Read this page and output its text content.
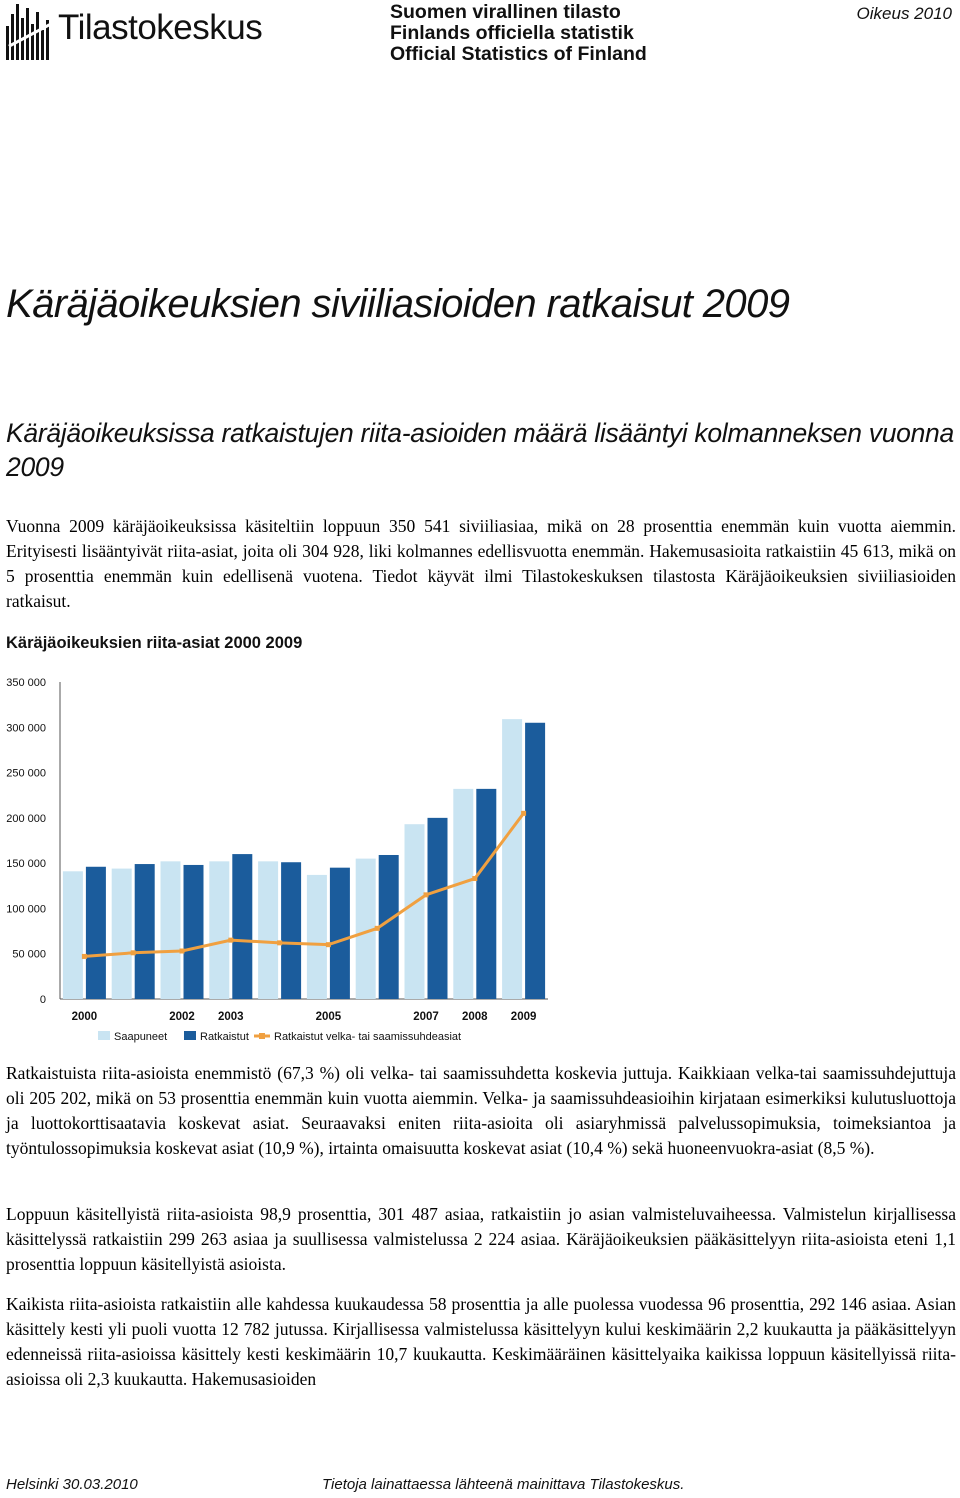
Tilastokeskus	Suomen virallinen tilasto
Finlands officiella statistik
Official Statistics of Finland
Oikeus 2010
Käräjäoikeuksien siviiliasioiden ratkaisut 2009
Käräjäoikeuksissa ratkaistujen riita-asioiden määrä lisääntyi kolmanneksen vuonna 2009

Vuonna 2009 käräjäoikeuksissa käsiteltiin loppuun 350 541 siviiliasiaa, mikä on 28 prosenttia enemmän kuin vuotta aiemmin. Erityisesti lisääntyivät riita-asiat, joita oli 304 928, liki kolmannes edellisvuotta enemmän. Hakemusasioita ratkaistiin 45 613, mikä on 5 prosenttia enemmän kuin edellisenä vuotena. Tiedot käyvät ilmi Tilastokeskuksen tilastosta Käräjäoikeuksien siviiliasioiden ratkaisut.

Käräjäoikeuksien riita-asiat 2000 2009
0
50 000
100 000
150 000
200 000
250 000
300 000
350 000
2000	2002 2003	2005	2007 2008 2009
Saapuneet	Ratkaistut Ratkaistut velka- tai saamissuhdeasiat

Ratkaistuista riita-asioista enemmistö (67,3 %) oli velka- tai saamissuhdetta koskevia juttuja. Kaikkiaan velka-tai saamissuhdejuttuja oli 205 202, mikä on 53 prosenttia enemmän kuin vuotta aiemmin. Velka- ja saamissuhdeasioihin kirjataan esimerkiksi kulutusluottoja ja luottokorttisaatavia koskevat asiat. Seuraavaksi eniten riita-asioita oli asiaryhmissä palvelussopimuksia, toimeksiantoa ja työntulossopimuksia koskevat asiat (10,9 %), irtainta omaisuutta koskevat asiat (10,4 %) sekä huoneenvuokra-asiat (8,5 %).

Loppuun käsitellyistä riita-asioista 98,9 prosenttia, 301 487 asiaa, ratkaistiin jo asian valmisteluvaiheessa. Valmistelun kirjallisessa käsittelyssä ratkaistiin 299 263 asiaa ja suullisessa valmistelussa 2 224 asiaa. Käräjäoikeuksien pääkäsittelyyn riita-asioista eteni 1,1 prosenttia loppuun käsitellyistä asioista.

Kaikista riita-asioista ratkaistiin alle kahdessa kuukaudessa 58 prosenttia ja alle puolessa vuodessa 96 prosenttia, 292 146 asiaa. Asian käsittely kesti yli puoli vuotta 12 782 jutussa. Kirjallisessa valmistelussa käsittelyyn kului keskimäärin 2,2 kuukautta ja pääkäsittelyyn edenneissä riita-asioissa käsittely kesti keskimäärin 10,7 kuukautta. Keskimääräinen käsittelyaika kaikissa loppuun käsitellyissä riita-asioissa oli 2,3 kuukautta. Hakemusasioiden

Helsinki 30.03.2010	Tietoja lainattaessa lähteenä mainittava Tilastokeskus.
